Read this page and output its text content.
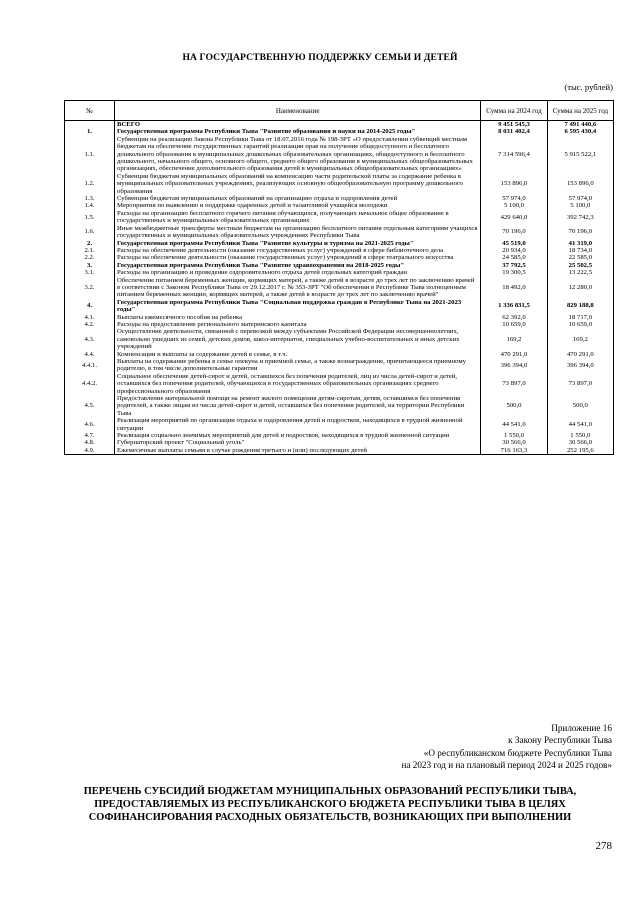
НА ГОСУДАРСТВЕННУЮ ПОДДЕРЖКУ СЕМЬИ И ДЕТЕЙ
(тыс. рублей)
№	Наименование	Сумма на 2024 год	Сумма на 2025 год
	ВСЕГО	9 451 545,3	7 491 440,6
1.	Государственная программа Республики Тыва "Развитие образования и науки на 2014-2025 годы"	8 031 402,4	6 595 430,4
1.1.	Субвенции на реализацию Закона Республики Тыва от 18.07.2016 года № 198-ЗРТ «О предоставлении субвенций местным бюджетам на обеспечение государственных гарантий реализации прав на получение общедоступного и бесплатного дошкольного образования в муниципальных дошкольных образовательных организациях, общедоступного и бесплатного дошкольного, начального общего, основного общего, среднего общего образования в муниципальных общеобразовательных организациях, обеспечение дополнительного образования детей в муниципальных общеобразовательных организациях»	7 314 596,4	5 915 522,1
1.2.	Субвенции бюджетам муниципальных образований на компенсацию части родительской платы за содержание ребенка в муниципальных образовательных учреждениях, реализующих основную общеобразовательную программу дошкольного образования	153 896,0	153 896,0
1.3.	Субвенции бюджетам муниципальных образований на организацию отдыха и оздоровления детей	57 974,0	57 974,0
1.4.	Мероприятия по выявлению и поддержке одаренных детей и талантливой учащейся молодежи	5 100,0	5 100,0
1.5.	Расходы на организацию бесплатного горячего питания обучающихся, получающих начальное общее образование в государственных и муниципальных образовательных организациях	429 640,0	392 742,3
1.6.	Иные межбюджетные трансферты местным бюджетам на организацию бесплатного питания отдельным категориям учащихся государственных и муниципальных образовательных учреждениях Республики Тыва	70 196,0	70 196,0
2.	Государственная программа Республики Тыва "Развитие культуры и туризма на 2021-2025 годы"	45 519,0	41 319,0
2.1.	Расходы на обеспечение деятельности (оказание государственных услуг) учреждений в сфере библиотечного дела	20 934,0	18 734,0
2.2.	Расходы на обеспечение деятельности (оказание государственных услуг) учреждений в сфере театрального искусства	24 585,0	22 585,0
3.	Государственная программа Республики Тыва "Развитие здравоохранения на 2018-2025 годы"	37 792,5	25 502,5
3.1.	Расходы на организацию и проведение оздоровительного отдыха детей отдельных категорий граждан	19 300,5	13 222,5
3.2.	Обеспечение питанием беременных женщин, кормящих матерей, а также детей в возрасте до трех лет по заключению врачей в соответствии с Законом Республики Тыва от 29.12.2017 г. № 353-ЗРТ "Об обеспечении в Республике Тыва полноценным питанием беременных женщин, кормящих матерей, а также детей в возрасте до трех лет по заключению врачей"	18 492,0	12 280,0
4.	Государственная программа Республики Тыва "Социальная поддержка граждан в Республике Тыва на 2021-2023 годы"	1 336 831,5	829 188,8
4.1.	Выплаты ежемесячного пособия на ребенка	62 392,0	18 717,0
4.2.	Расходы на предоставление регионального материнского капитала	10 659,0	10 659,0
4.3.	Осуществление деятельности, связанной с перевозкой между субъектами Российской Федерации несовершеннолетних, самовольно ушедших из семей, детских домов, школ-интернатов, специальных учебно-воспитательных и иных детских учреждений	169,2	169,2
4.4.	Компенсации и выплаты за содержание детей в семье, в т.ч.	470 291,0	470 291,0
4.4.1.	Выплаты на содержание ребенка в семье опекуна и приемной семье, а также вознаграждение, причитающееся приемному родителю, в том числе дополнительные гарантии	396 394,0	396 394,0
4.4.2.	Социальное обеспечение детей-сирот и детей, оставшихся без попечения родителей, лиц из числа детей-сирот и детей, оставшихся без попечения родителей, обучающихся в государственных образовательных организациях среднего профессионального образования	73 897,0	73 897,0
4.5.	Предоставление материальной помощи на ремонт жилого помещения детям-сиротам, детям, оставшимся без попечения родителей, а также лицам из числа детей-сирот и детей, оставшихся без попечения родителей, на территории Республики Тыва	500,0	500,0
4.6.	Реализация мероприятий по организации отдыха и оздоровления детей и подростков, находящихся в трудной жизненной ситуации	44 541,0	44 541,0
4.7.	Реализация социально значимых мероприятий для детей и подростков, находящихся в трудной жизненной ситуации	1 550,0	1 550,0
4.8.	Губернаторский проект "Социальный уголь"	30 566,0	30 566,0
4.9.	Ежемесячные выплаты семьям в случае рождения третьего и (или) последующих детей	716 163,3	252 195,6
Приложение 16
к Закону Республики Тыва
«О республиканском бюджете Республики Тыва
на 2023 год и на плановый период 2024 и 2025 годов»
ПЕРЕЧЕНЬ СУБСИДИЙ БЮДЖЕТАМ МУНИЦИПАЛЬНЫХ ОБРАЗОВАНИЙ РЕСПУБЛИКИ ТЫВА,
ПРЕДОСТАВЛЯЕМЫХ ИЗ РЕСПУБЛИКАНСКОГО БЮДЖЕТА РЕСПУБЛИКИ ТЫВА В ЦЕЛЯХ
СОФИНАНСИРОВАНИЯ РАСХОДНЫХ ОБЯЗАТЕЛЬСТВ, ВОЗНИКАЮЩИХ ПРИ ВЫПОЛНЕНИИ
278
